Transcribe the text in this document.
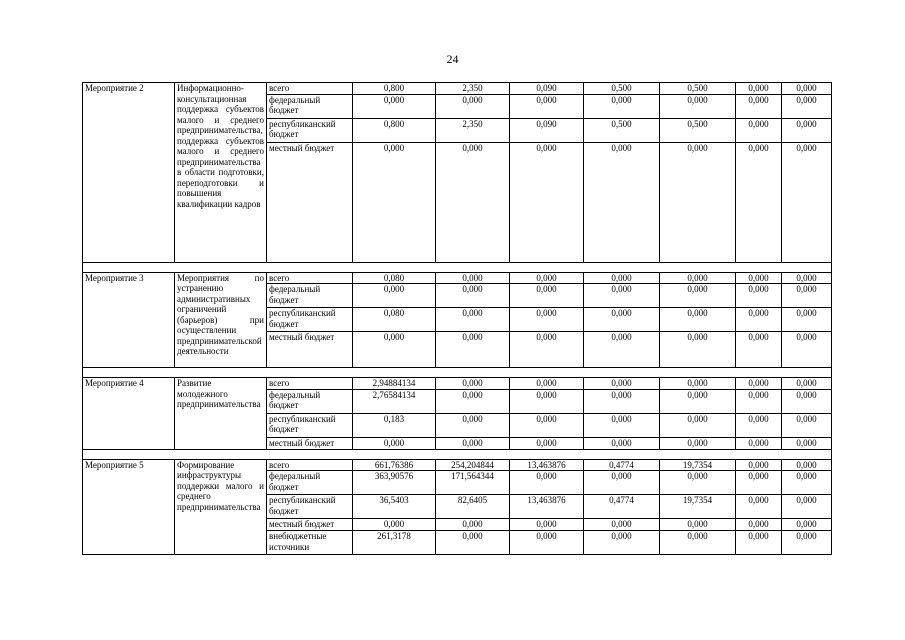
24
Мероприятие 2	Информационно-консультационная поддержка субъектов малого и среднего предпринимательства, поддержка субъектов малого и среднего предпринимательства в области подготовки, переподготовки и повышения квалификации кадров	всего	0,800	2,350	0,090	0,500	0,500	0,000	0,000
		федеральный бюджет	0,000	0,000	0,000	0,000	0,000	0,000	0,000
		республиканский бюджет	0,800	2,350	0,090	0,500	0,500	0,000	0,000
		местный бюджет	0,000	0,000	0,000	0,000	0,000	0,000	0,000

Мероприятие 3	Мероприятия по устранению административных ограничений (барьеров) при осуществлении предпринимательской деятельности	всего	0,080	0,000	0,000	0,000	0,000	0,000	0,000
		федеральный бюджет	0,000	0,000	0,000	0,000	0,000	0,000	0,000
		республиканский бюджет	0,080	0,000	0,000	0,000	0,000	0,000	0,000
		местный бюджет	0,000	0,000	0,000	0,000	0,000	0,000	0,000

Мероприятие 4	Развитие молодежного предпринимательства	всего	2,94884134	0,000	0,000	0,000	0,000	0,000	0,000
		федеральный бюджет	2,76584134	0,000	0,000	0,000	0,000	0,000	0,000
		республиканский бюджет	0,183	0,000	0,000	0,000	0,000	0,000	0,000
		местный бюджет	0,000	0,000	0,000	0,000	0,000	0,000	0,000

Мероприятие 5	Формирование инфраструктуры поддержки малого и среднего предпринимательства	всего	661,76386	254,204844	13,463876	0,4774	19,7354	0,000	0,000
		федеральный бюджет	363,90576	171,564344	0,000	0,000	0,000	0,000	0,000
		республиканский бюджет	36,5403	82,6405	13,463876	0,4774	19,7354	0,000	0,000
		местный бюджет	0,000	0,000	0,000	0,000	0,000	0,000	0,000
		внебюджетные источники	261,3178	0,000	0,000	0,000	0,000	0,000	0,000
